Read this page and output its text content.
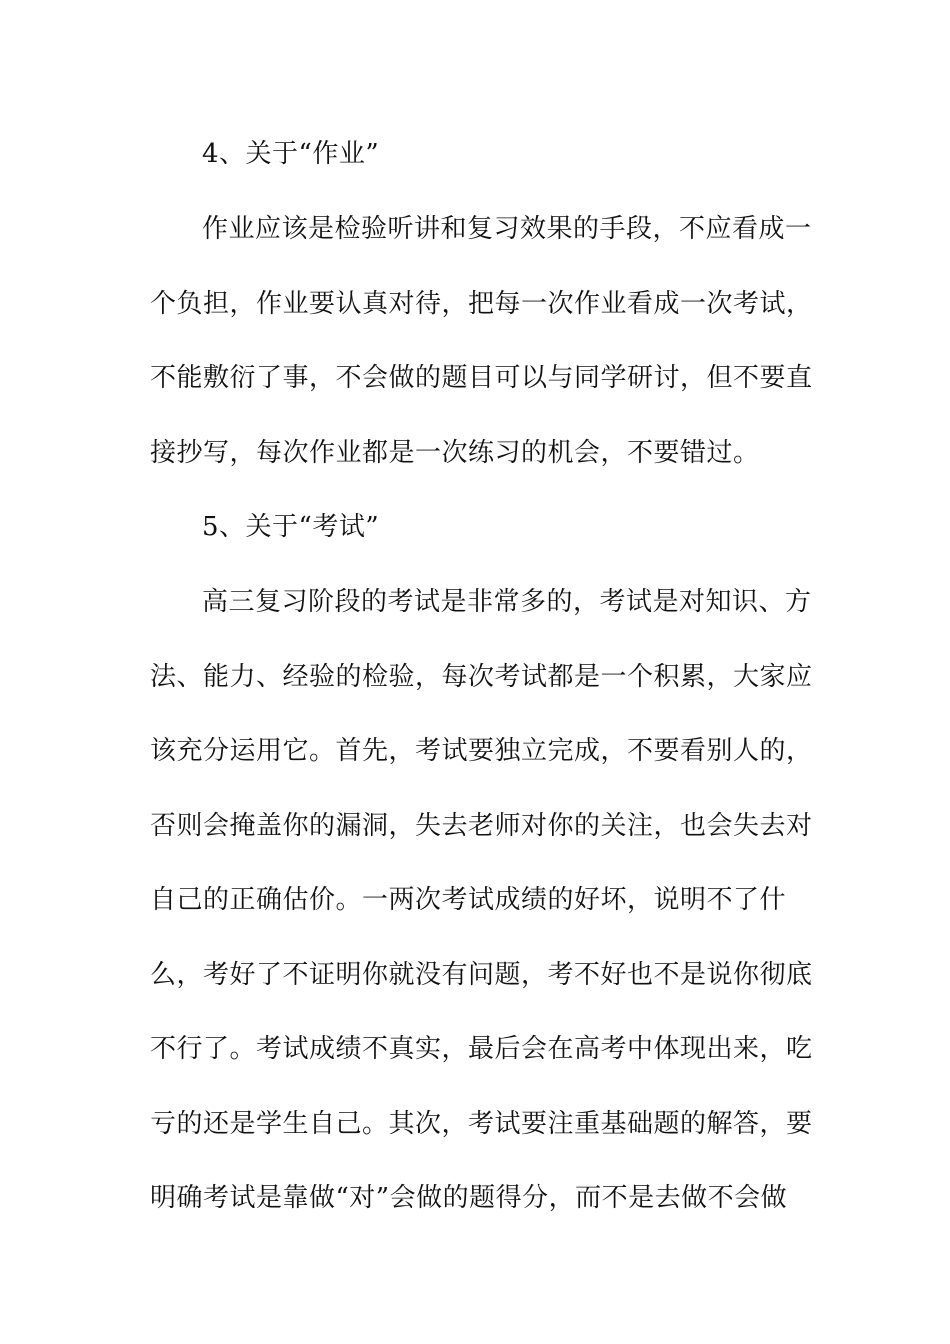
4、关于“作业”
作业应该是检验听讲和复习效果的手段，不应看成一
个负担，作业要认真对待，把每一次作业看成一次考试，
不能敷衍了事，不会做的题目可以与同学研讨，但不要直
接抄写，每次作业都是一次练习的机会，不要错过。
5、关于“考试”
高三复习阶段的考试是非常多的，考试是对知识、方
法、能力、经验的检验，每次考试都是一个积累，大家应
该充分运用它。首先，考试要独立完成，不要看别人的，
否则会掩盖你的漏洞，失去老师对你的关注，也会失去对
自己的正确估价。一两次考试成绩的好坏，说明不了什
么，考好了不证明你就没有问题，考不好也不是说你彻底
不行了。考试成绩不真实，最后会在高考中体现出来，吃
亏的还是学生自己。其次，考试要注重基础题的解答，要
明确考试是靠做“对”会做的题得分，而不是去做不会做
